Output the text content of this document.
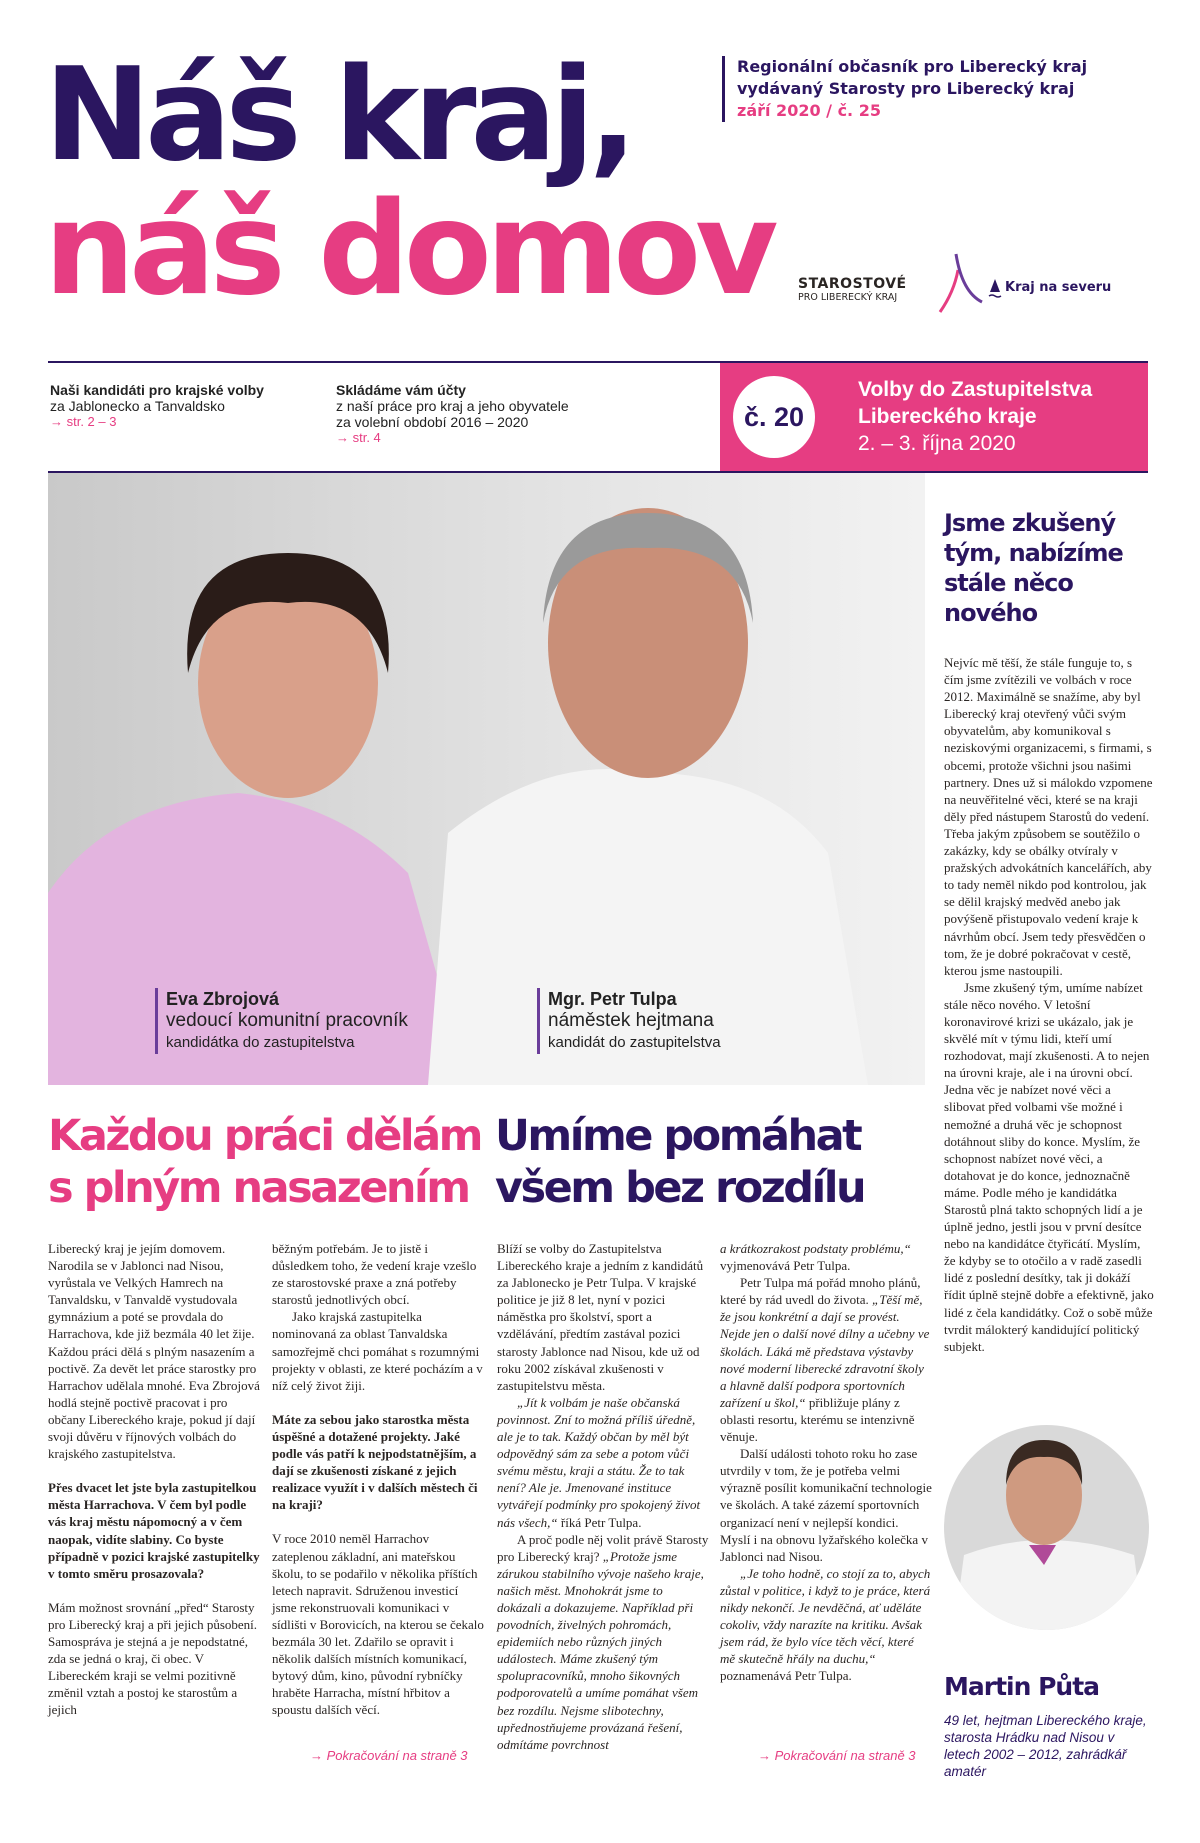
Náš kraj,
náš domov
Regionální občasník pro Liberecký kraj
vydávaný Starosty pro Liberecký kraj
září 2020 / č. 25
STAROSTOVÉ
PRO LIBERECKÝ KRAJ
Kraj na severu
Naši kandidáti pro krajské volby
za Jablonecko a Tanvaldsko
→ str. 2 – 3
Skládáme vám účty
z naší práce pro kraj a jeho obyvatele
za volební období 2016 – 2020
→ str. 4
č. 20
Volby do Zastupitelstva
Libereckého kraje
2. – 3. října 2020
Eva Zbrojová
vedoucí komunitní pracovník
kandidátka do zastupitelstva
Mgr. Petr Tulpa
náměstek hejtmana
kandidát do zastupitelstva
Každou práci dělám
s plným nasazením
Umíme pomáhat
všem bez rozdílu

Liberecký kraj je jejím domovem. Narodila se v Jablonci nad Nisou, vyrůstala ve Velkých Hamrech na Tanvaldsku, v Tanvaldě vystudovala gymnázium a poté se provdala do Harrachova, kde již bezmála 40 let žije. Každou práci dělá s plným nasazením a poctivě. Za devět let práce starostky pro Harrachov udělala mnohé. Eva Zbrojová hodlá stejně poctivě pracovat i pro občany Libereckého kraje, pokud jí dají svoji důvěru v říjnových volbách do krajského zastupitelstva.

Přes dvacet let jste byla zastupitelkou města Harrachova. V čem byl podle vás kraj městu nápomocný a v čem naopak, vidíte slabiny. Co byste případně v pozici krajské zastupitelky v tomto směru prosazovala?

Mám možnost srovnání „před“ Starosty pro Liberecký kraj a při jejich působení. Samospráva je stejná a je nepodstatné, zda se jedná o kraj, či obec. V Libereckém kraji se velmi pozitivně změnil vztah a postoj ke starostům a jejich

běžným potřebám. Je to jistě i důsledkem toho, že vedení kraje vzešlo ze starostovské praxe a zná potřeby starostů jednotlivých obcí.

Jako krajská zastupitelka nominovaná za oblast Tanvaldska samozřejmě chci pomáhat s rozumnými projekty v oblasti, ze které pocházím a v níž celý život žiji.

Máte za sebou jako starostka města úspěšné a dotažené projekty. Jaké podle vás patří k nejpodstatnějším, a dají se zkušenosti získané z jejich realizace využít i v dalších městech či na kraji?

V roce 2010 neměl Harrachov zateplenou základní, ani mateřskou školu, to se podařilo v několika příštích letech napravit. Sdruženou investicí jsme rekonstruovali komunikaci v sídlišti v Borovicích, na kterou se čekalo bezmála 30 let. Zdařilo se opravit i několik dalších místních komunikací, bytový dům, kino, původní rybníčky hraběte Harracha, místní hřbitov a spoustu dalších věcí.

→ Pokračování na straně 3

Blíží se volby do Zastupitelstva Libereckého kraje a jedním z kandidátů za Jablonecko je Petr Tulpa. V krajské politice je již 8 let, nyní v pozici náměstka pro školství, sport a vzdělávání, předtím zastával pozici starosty Jablonce nad Nisou, kde už od roku 2002 získával zkušenosti v zastupitelstvu města.

„Jít k volbám je naše občanská povinnost. Zní to možná příliš úředně, ale je to tak. Každý občan by měl být odpovědný sám za sebe a potom vůči svému městu, kraji a státu. Že to tak není? Ale je. Jmenované instituce vytvářejí podmínky pro spokojený život nás všech,“ říká Petr Tulpa.

A proč podle něj volit právě Starosty pro Liberecký kraj? „Protože jsme zárukou stabilního vývoje našeho kraje, našich měst. Mnohokrát jsme to dokázali a dokazujeme. Například při povodních, živelných pohromách, epidemiích nebo různých jiných událostech. Máme zkušený tým spolupracovníků, mnoho šikovných podporovatelů a umíme pomáhat všem bez rozdílu. Nejsme slibotechny, upřednostňujeme provázaná řešení, odmítáme povrchnost

a krátkozrakost podstaty problému,“ vyjmenovává Petr Tulpa.

Petr Tulpa má pořád mnoho plánů, které by rád uvedl do života. „Těší mě, že jsou konkrétní a dají se provést. Nejde jen o další nové dílny a učebny ve školách. Láká mě představa výstavby nové moderní liberecké zdravotní školy a hlavně další podpora sportovních zařízení u škol,“ přibližuje plány z oblasti resortu, kterému se intenzivně věnuje.

Další události tohoto roku ho zase utvrdily v tom, že je potřeba velmi výrazně posílit komunikační technologie ve školách. A také zázemí sportovních organizací není v nejlepší kondici. Myslí i na obnovu lyžařského kolečka v Jablonci nad Nisou.

„Je toho hodně, co stojí za to, abych zůstal v politice, i když to je práce, která nikdy nekončí. Je nevděčná, ať uděláte cokoliv, vždy narazíte na kritiku. Avšak jsem rád, že bylo více těch věcí, které mě skutečně hřály na duchu,“ poznamenává Petr Tulpa.

→ Pokračování na straně 3
Jsme zkušený tým, nabízíme stále něco nového

Nejvíc mě těší, že stále funguje to, s čím jsme zvítězili ve volbách v roce 2012. Maximálně se snažíme, aby byl Liberecký kraj otevřený vůči svým obyvatelům, aby komunikoval s neziskovými organizacemi, s firmami, s obcemi, protože všichni jsou našimi partnery. Dnes už si málokdo vzpomene na neuvěřitelné věci, které se na kraji děly před nástupem Starostů do vedení. Třeba jakým způsobem se soutěžilo o zakázky, kdy se obálky otvíraly v pražských advokátních kancelářích, aby to tady neměl nikdo pod kontrolou, jak se dělil krajský medvěd anebo jak povýšeně přistupovalo vedení kraje k návrhům obcí. Jsem tedy přesvědčen o tom, že je dobré pokračovat v cestě, kterou jsme nastoupili.

Jsme zkušený tým, umíme nabízet stále něco nového. V letošní koronavirové krizi se ukázalo, jak je skvělé mít v týmu lidi, kteří umí rozhodovat, mají zkušenosti. A to nejen na úrovni kraje, ale i na úrovni obcí. Jedna věc je nabízet nové věci a slibovat před volbami vše možné i nemožné a druhá věc je schopnost dotáhnout sliby do konce. Myslím, že schopnost nabízet nové věci, a dotahovat je do konce, jednoznačně máme. Podle mého je kandidátka Starostů plná takto schopných lidí a je úplně jedno, jestli jsou v první desítce nebo na kandidátce čtyřicátí. Myslím, že kdyby se to otočilo a v radě zasedli lidé z poslední desítky, tak ji dokáží řídit úplně stejně dobře a efektivně, jako lidé z čela kandidátky. Což o sobě může tvrdit málokterý kandidující politický subjekt.

Martin Půta
49 let, hejtman Libereckého kraje, starosta Hrádku nad Nisou v letech 2002 – 2012, zahrádkář amatér
